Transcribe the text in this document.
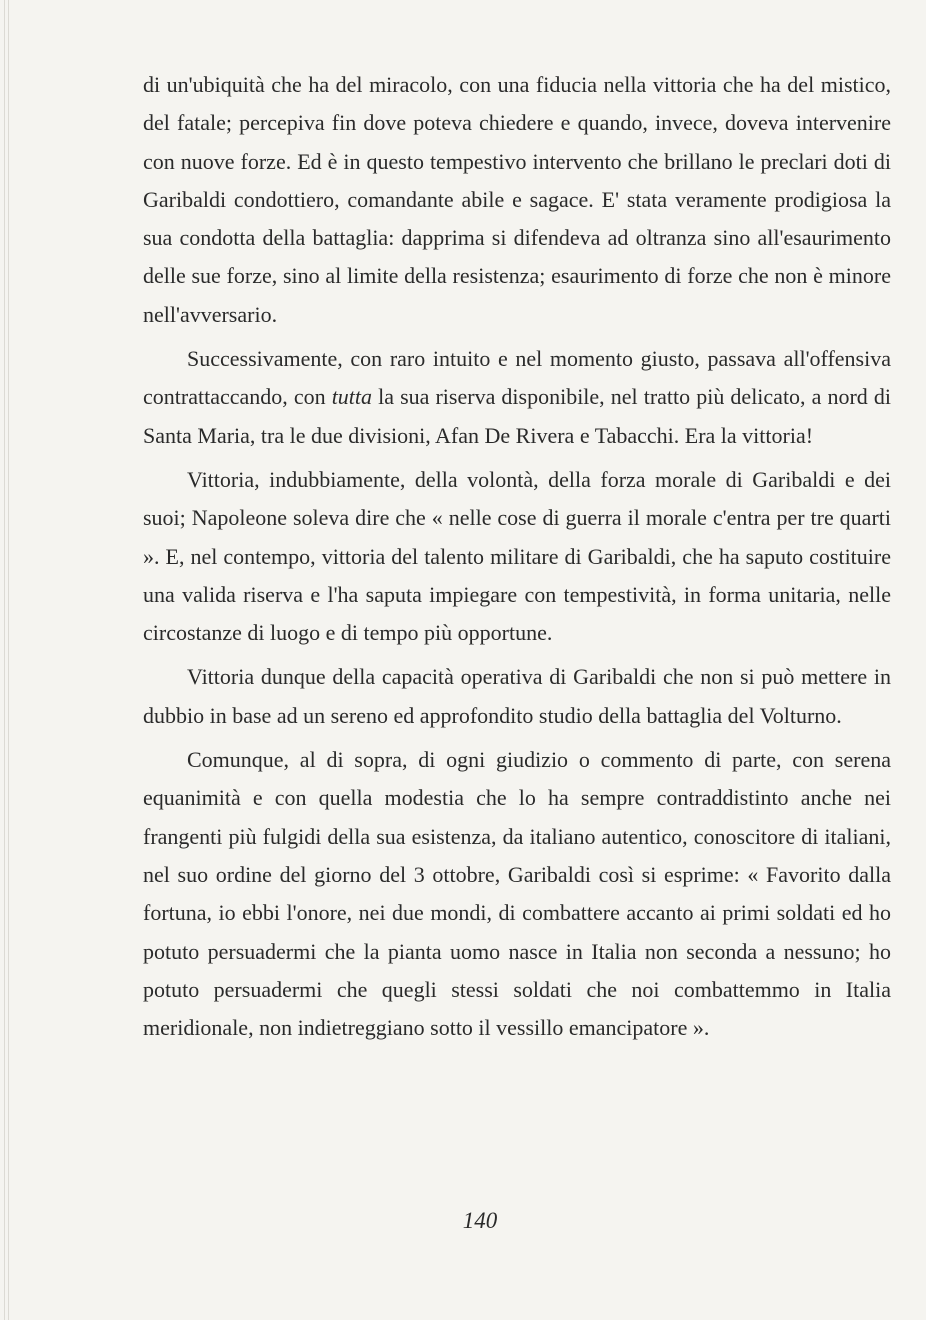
di un'ubiquità che ha del miracolo, con una fiducia nella vittoria che ha del mistico, del fatale; percepiva fin dove poteva chiedere e quando, invece, doveva intervenire con nuove forze. Ed è in questo tempestivo intervento che brillano le preclari doti di Garibaldi condottiero, comandante abile e sagace. E' stata veramente prodigiosa la sua condotta della battaglia: dapprima si difendeva ad oltranza sino all'esaurimento delle sue forze, sino al limite della resistenza; esaurimento di forze che non è minore nell'avversario.

Successivamente, con raro intuito e nel momento giusto, passava all'offensiva contrattaccando, con tutta la sua riserva disponibile, nel tratto più delicato, a nord di Santa Maria, tra le due divisioni, Afan De Rivera e Tabacchi. Era la vittoria!

Vittoria, indubbiamente, della volontà, della forza morale di Garibaldi e dei suoi; Napoleone soleva dire che « nelle cose di guerra il morale c'entra per tre quarti ». E, nel contempo, vittoria del talento militare di Garibaldi, che ha saputo costituire una valida riserva e l'ha saputa impiegare con tempestività, in forma unitaria, nelle circostanze di luogo e di tempo più opportune.

Vittoria dunque della capacità operativa di Garibaldi che non si può mettere in dubbio in base ad un sereno ed approfondito studio della battaglia del Volturno.

Comunque, al di sopra, di ogni giudizio o commento di parte, con serena equanimità e con quella modestia che lo ha sempre contraddistinto anche nei frangenti più fulgidi della sua esistenza, da italiano autentico, conoscitore di italiani, nel suo ordine del giorno del 3 ottobre, Garibaldi così si esprime: « Favorito dalla fortuna, io ebbi l'onore, nei due mondi, di combattere accanto ai primi soldati ed ho potuto persuadermi che la pianta uomo nasce in Italia non seconda a nessuno; ho potuto persuadermi che quegli stessi soldati che noi combattemmo in Italia meridionale, non indietreggiano sotto il vessillo emancipatore ».

140
